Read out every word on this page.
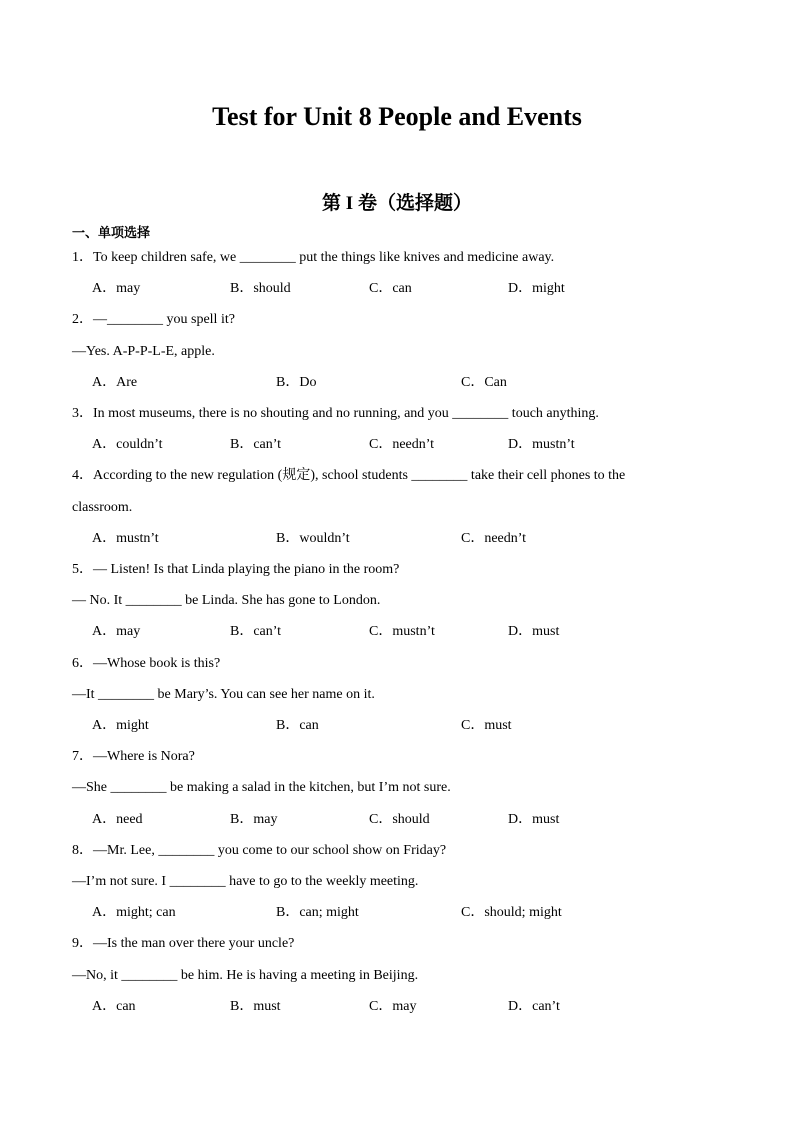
Test for Unit 8 People and Events
第 I 卷（选择题）
一、单项选择
1．To keep children safe, we ________ put the things like knives and medicine away.
A．may	B．should	C．can	D．might
2．—________ you spell it?
—Yes. A-P-P-L-E, apple.
A．Are	B．Do	C．Can
3．In most museums, there is no shouting and no running, and you ________ touch anything.
A．couldn’t	B．can’t	C．needn’t	D．mustn’t
4．According to the new regulation (规定), school students ________ take their cell phones to the
classroom.
A．mustn’t	B．wouldn’t	C．needn’t
5．— Listen! Is that Linda playing the piano in the room?
— No. It ________ be Linda. She has gone to London.
A．may	B．can’t	C．mustn’t	D．must
6．—Whose book is this?
—It ________ be Mary’s. You can see her name on it.
A．might	B．can	C．must
7．—Where is Nora?
—She ________ be making a salad in the kitchen, but I’m not sure.
A．need	B．may	C．should	D．must
8．—Mr. Lee, ________ you come to our school show on Friday?
—I’m not sure. I ________ have to go to the weekly meeting.
A．might; can	B．can; might	C．should; might
9．—Is the man over there your uncle?
—No, it ________ be him. He is having a meeting in Beijing.
A．can	B．must	C．may	D．can’t
